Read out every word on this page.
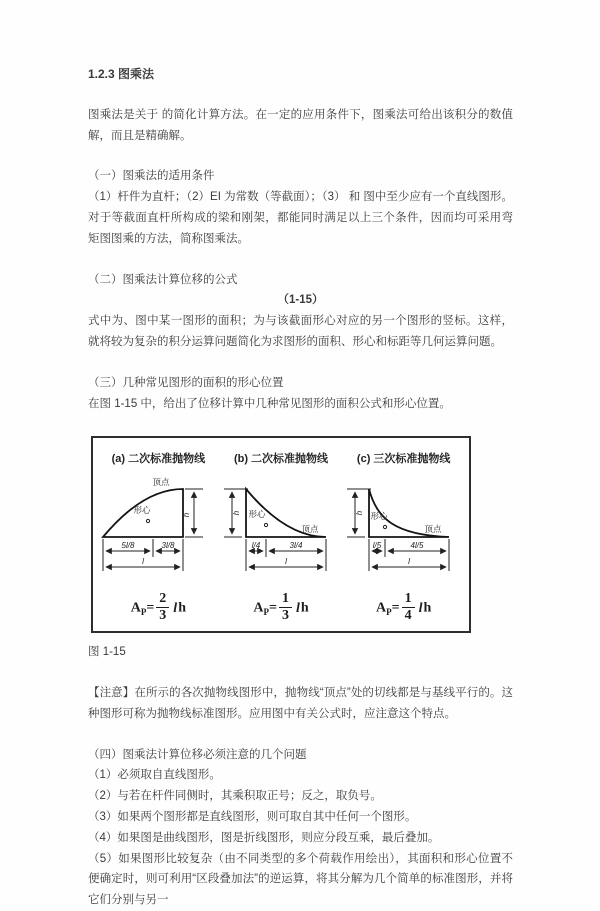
1.2.3 图乘法

图乘法是关于 的简化计算方法。在一定的应用条件下，图乘法可给出该积分的数值解，而且是精确解。

（一）图乘法的适用条件

（1）杆件为直杆；（2）EI 为常数（等截面）；（3） 和 图中至少应有一个直线图形。

对于等截面直杆所构成的梁和刚架，都能同时满足以上三个条件，因而均可采用弯矩图图乘的方法，简称图乘法。

（二）图乘法计算位移的公式

（1-15）

式中为、图中某一图形的面积；为与该截面形心对应的另一个图形的竖标。这样，就将较为复杂的积分运算问题简化为求图形的面积、形心和标距等几何运算问题。

（三）几种常见图形的面积的形心位置

在图 1-15 中，给出了位移计算中几种常见图形的面积公式和形心位置。

(a) 二次标准抛物线
顶点
形心	h
5l/8	3l/8
l
$A_P= \frac{2}{3}$ lh
(b) 二次标准抛物线
h 形心
顶点
l/4	3l/4
l
$A_P= \frac{1}{3}$ lh
(c) 三次标准抛物线
h 形心
顶点
l/5	4l/5
l
$A_P= \frac{1}{4}$ lh

图 1-15

【注意】在所示的各次抛物线图形中，抛物线“顶点”处的切线都是与基线平行的。这种图形可称为抛物线标准图形。应用图中有关公式时，应注意这个特点。

（四）图乘法计算位移必须注意的几个问题

（1）必须取自直线图形。

（2）与若在杆件同侧时，其乘积取正号；反之，取负号。

（3）如果两个图形都是直线图形，则可取自其中任何一个图形。

（4）如果图是曲线图形，图是折线图形，则应分段互乘，最后叠加。

（5）如果图形比较复杂（由不同类型的多个荷载作用绘出），其面积和形心位置不便确定时，则可利用“区段叠加法”的逆运算，将其分解为几个简单的标准图形，并将它们分别与另一
